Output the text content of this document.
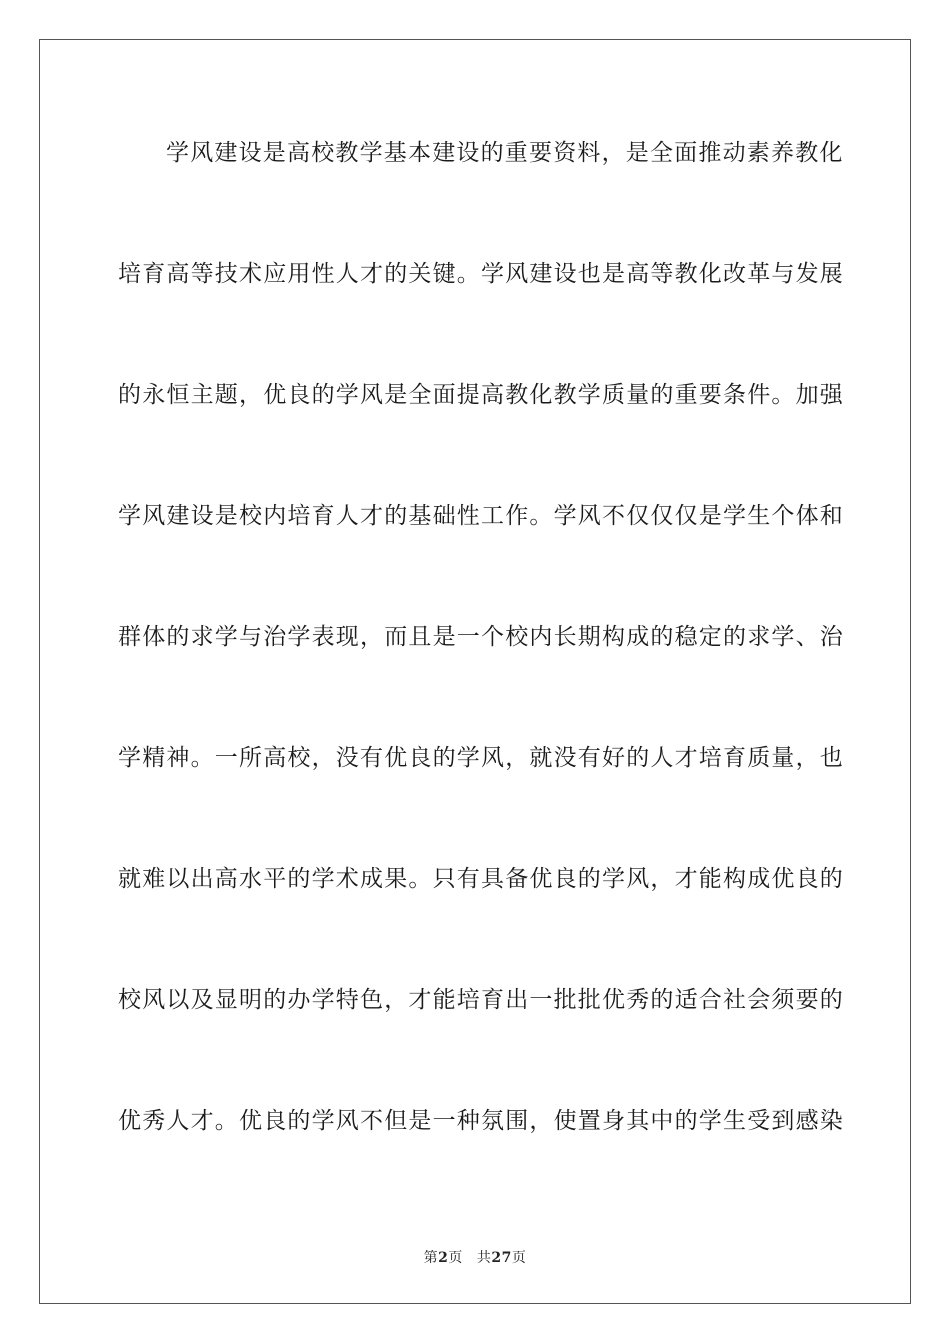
学风建设是高校教学基本建设的重要资料，是全面推动素养教化
培育高等技术应用性人才的关键。学风建设也是高等教化改革与发展
的永恒主题，优良的学风是全面提高教化教学质量的重要条件。加强
学风建设是校内培育人才的基础性工作。学风不仅仅仅是学生个体和
群体的求学与治学表现，而且是一个校内长期构成的稳定的求学、治
学精神。一所高校，没有优良的学风，就没有好的人才培育质量，也
就难以出高水平的学术成果。只有具备优良的学风，才能构成优良的
校风以及显明的办学特色，才能培育出一批批优秀的适合社会须要的
优秀人才。优良的学风不但是一种氛围，使置身其中的学生受到感染
第2页 共27页
